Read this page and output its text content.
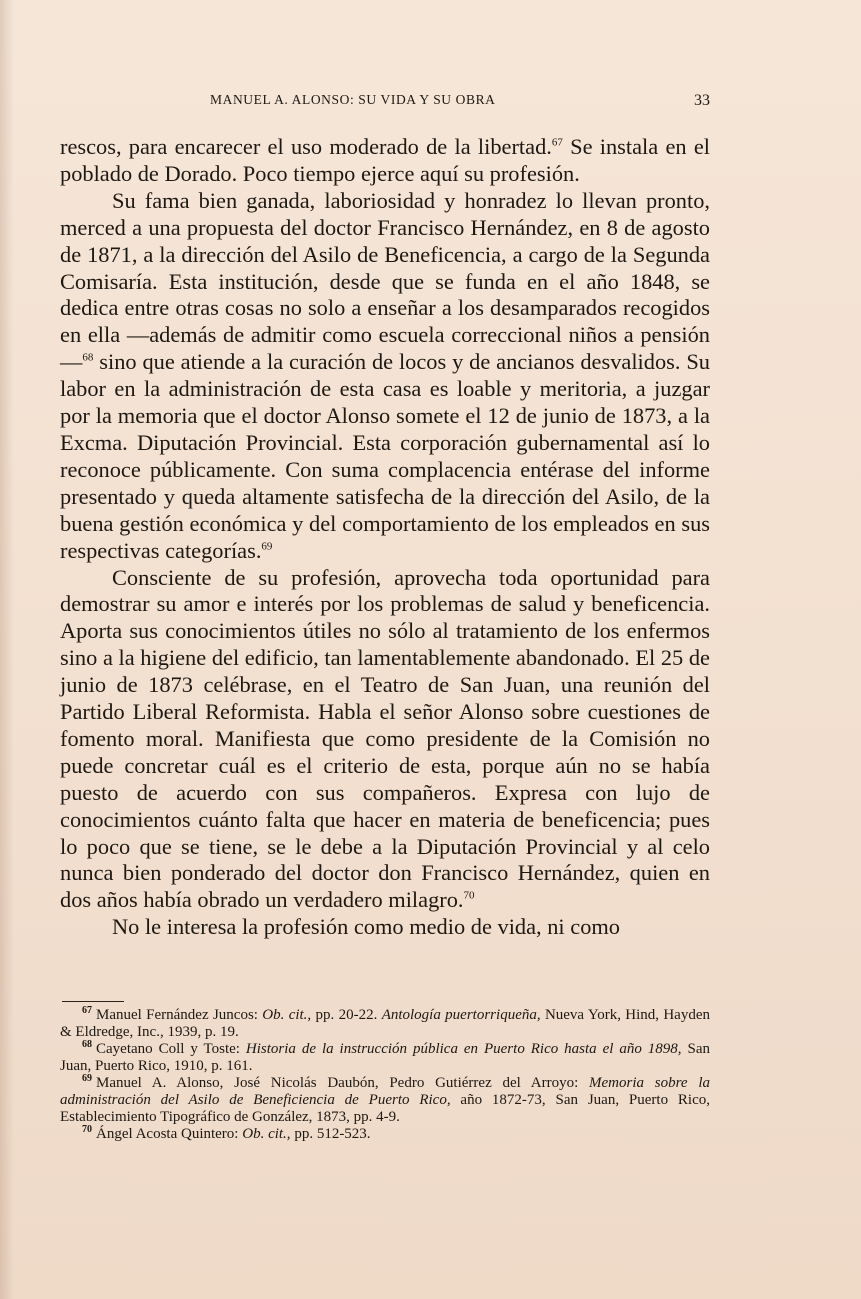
MANUEL A. ALONSO: SU VIDA Y SU OBRA	33

rescos, para encarecer el uso moderado de la libertad.$^{67}$ Se instala en el poblado de Dorado. Poco tiempo ejerce aquí su profesión.

Su fama bien ganada, laboriosidad y honradez lo llevan pronto, merced a una propuesta del doctor Francisco Hernández, en 8 de agosto de 1871, a la dirección del Asilo de Beneficencia, a cargo de la Segunda Comisaría. Esta institución, desde que se funda en el año 1848, se dedica entre otras cosas no solo a enseñar a los desamparados recogidos en ella —además de admitir como escuela correccional niños a pensión—$^{68}$ sino que atiende a la curación de locos y de ancianos desvalidos. Su labor en la administración de esta casa es loable y meritoria, a juzgar por la memoria que el doctor Alonso somete el 12 de junio de 1873, a la Excma. Diputación Provincial. Esta corporación gubernamental así lo reconoce públicamente. Con suma complacencia entérase del informe presentado y queda altamente satisfecha de la dirección del Asilo, de la buena gestión económica y del comportamiento de los empleados en sus respectivas categorías.$^{69}$

Consciente de su profesión, aprovecha toda oportunidad para demostrar su amor e interés por los problemas de salud y beneficencia. Aporta sus conocimientos útiles no sólo al tratamiento de los enfermos sino a la higiene del edificio, tan lamentablemente abandonado. El 25 de junio de 1873 celébrase, en el Teatro de San Juan, una reunión del Partido Liberal Reformista. Habla el señor Alonso sobre cuestiones de fomento moral. Manifiesta que como presidente de la Comisión no puede concretar cuál es el criterio de esta, porque aún no se había puesto de acuerdo con sus compañeros. Expresa con lujo de conocimientos cuánto falta que hacer en materia de beneficencia; pues lo poco que se tiene, se le debe a la Diputación Provincial y al celo nunca bien ponderado del doctor don Francisco Hernández, quien en dos años había obrado un verdadero milagro.$^{70}$

No le interesa la profesión como medio de vida, ni como

$^{67}$ Manuel Fernández Juncos: Ob. cit., pp. 20-22. Antología puertorriqueña, Nueva York, Hind, Hayden & Eldredge, Inc., 1939, p. 19.

$^{68}$ Cayetano Coll y Toste: Historia de la instrucción pública en Puerto Rico hasta el año 1898, San Juan, Puerto Rico, 1910, p. 161.

$^{69}$ Manuel A. Alonso, José Nicolás Daubón, Pedro Gutiérrez del Arroyo: Memoria sobre la administración del Asilo de Beneficiencia de Puerto Rico, año 1872-73, San Juan, Puerto Rico, Establecimiento Tipográfico de González, 1873, pp. 4-9.

$^{70}$ Ángel Acosta Quintero: Ob. cit., pp. 512-523.
